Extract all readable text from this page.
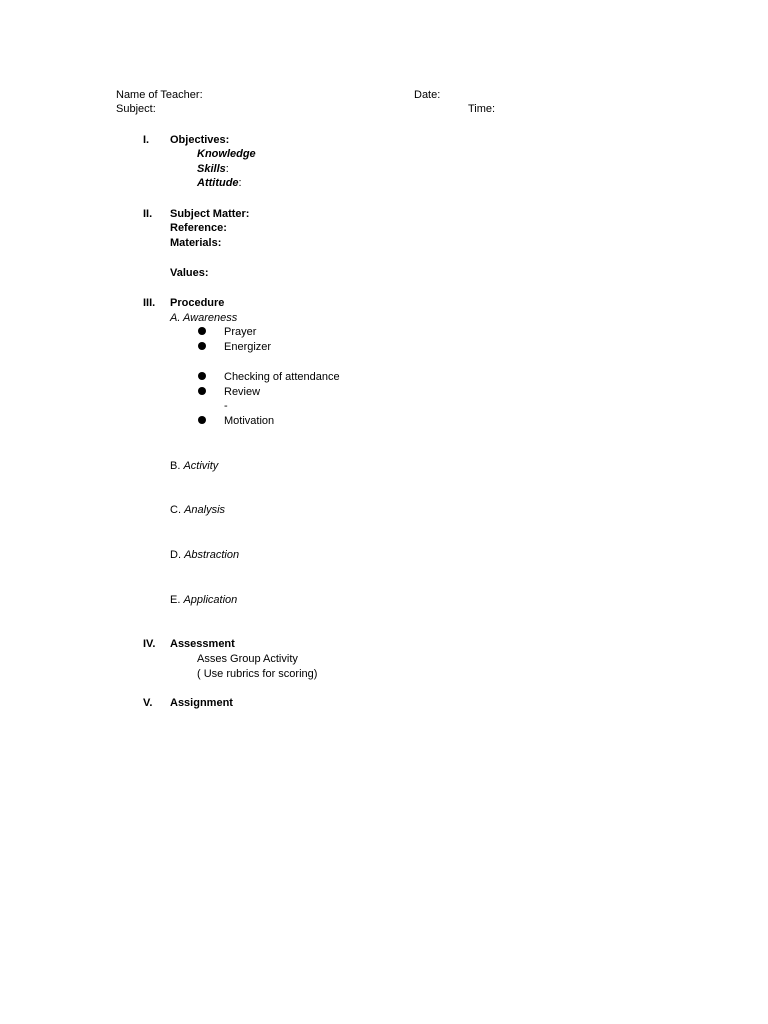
Name of Teacher:	Date:
Subject:	Time:
I. Objectives:
Knowledge
Skills:
Attitude:
II. Subject Matter:
Reference:
Materials:
Values:
III. Procedure
A. Awareness
Prayer
Energizer
Checking of attendance
Review
-
Motivation
B. Activity
C. Analysis
D. Abstraction
E. Application
IV. Assessment
Asses Group Activity
( Use rubrics for scoring)
V. Assignment
